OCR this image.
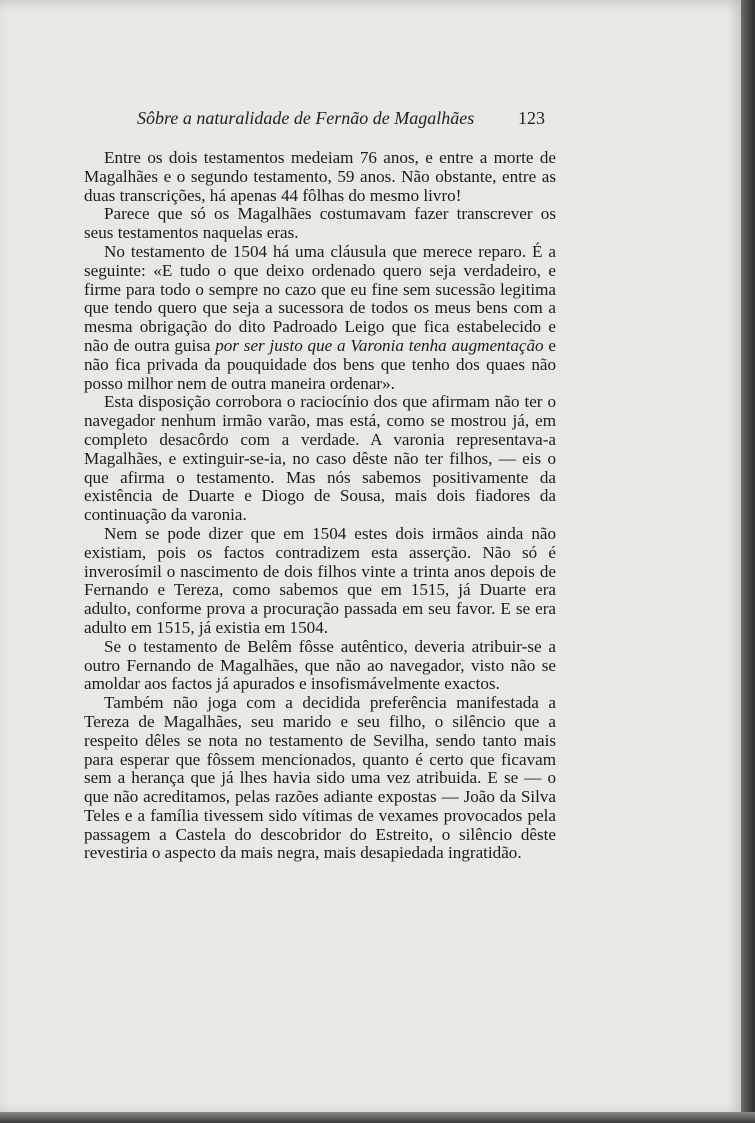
Sôbre a naturalidade de Fernão de Magalhães 123

Entre os dois testamentos medeiam 76 anos, e entre a morte de Magalhães e o segundo testamento, 59 anos. Não obstante, entre as duas transcrições, há apenas 44 fôlhas do mesmo livro!

Parece que só os Magalhães costumavam fazer transcrever os seus testamentos naquelas eras.

No testamento de 1504 há uma cláusula que merece reparo. É a seguinte: «E tudo o que deixo ordenado quero seja verdadeiro, e firme para todo o sempre no cazo que eu fine sem sucessão legitima que tendo quero que seja a sucessora de todos os meus bens com a mesma obrigação do dito Padroado Leigo que fica estabelecido e não de outra guisa por ser justo que a Varonia tenha augmentação e não fica privada da pouquidade dos bens que tenho dos quaes não posso milhor nem de outra maneira ordenar».

Esta disposição corrobora o raciocínio dos que afirmam não ter o navegador nenhum irmão varão, mas está, como se mostrou já, em completo desacôrdo com a verdade. A varonia representava-a Magalhães, e extinguir-se-ia, no caso dêste não ter filhos, — eis o que afirma o testamento. Mas nós sabemos positivamente da existência de Duarte e Diogo de Sousa, mais dois fiadores da continuação da varonia.

Nem se pode dizer que em 1504 estes dois irmãos ainda não existiam, pois os factos contradizem esta asserção. Não só é inverosímil o nascimento de dois filhos vinte a trinta anos depois de Fernando e Tereza, como sabemos que em 1515, já Duarte era adulto, conforme prova a procuração passada em seu favor. E se era adulto em 1515, já existia em 1504.

Se o testamento de Belêm fôsse autêntico, deveria atribuir-se a outro Fernando de Magalhães, que não ao navegador, visto não se amoldar aos factos já apurados e insofismávelmente exactos.

Também não joga com a decidida preferência manifestada a Tereza de Magalhães, seu marido e seu filho, o silêncio que a respeito dêles se nota no testamento de Sevilha, sendo tanto mais para esperar que fôssem mencionados, quanto é certo que ficavam sem a herança que já lhes havia sido uma vez atribuida. E se — o que não acreditamos, pelas razões adiante expostas — João da Silva Teles e a família tivessem sido vítimas de vexames provocados pela passagem a Castela do descobridor do Estreito, o silêncio dêste revestiria o aspecto da mais negra, mais desapiedada ingratidão.
